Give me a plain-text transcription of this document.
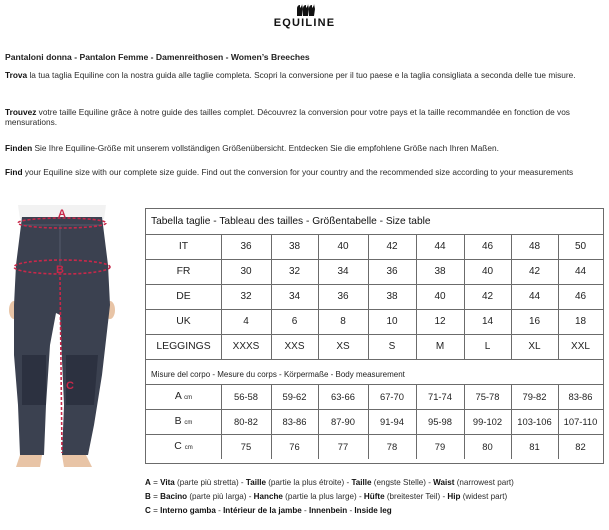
EQUILINE
Pantaloni donna - Pantalon Femme - Damenreithosen - Women’s Breeches

Trova la tua taglia Equiline con la nostra guida alle taglie completa. Scopri la conversione per il tuo paese e la taglia consigliata a seconda delle tue misure.

Trouvez votre taille Equiline grâce à notre guide des tailles complet. Découvrez la conversion pour votre pays et la taille recommandée en fonction de vos mensurations.

Finden Sie Ihre Equiline-Größe mit unserem vollständigen Größenübersicht. Entdecken Sie die empfohlene Größe nach Ihren Maßen.

Find your Equiline size with our complete size guide. Find out the conversion for your country and the recommended size according to your measurements

A
B
C
Tabella taglie - Tableau des tailles - Größentabelle - Size table
IT	36	38	40	42	44	46	48	50
FR	30	32	34	36	38	40	42	44
DE	32	34	36	38	40	42	44	46
UK	4	6	8	10	12	14	16	18
LEGGINGS	XXXS	XXS	XS	S	M	L	XL	XXL
A cm	56-58	59-62	63-66	67-70	71-74	75-78	79-82	83-86
B cm	80-82	83-86	87-90	91-94	95-98	99-102	103-106	107-110
C cm	75	76	77	78	79	80	81	82
Misure del corpo - Mesure du corps - Körpermaße - Body measurement
A = Vita (parte più stretta) - Taille (partie la plus étroite) - Taille (engste Stelle) - Waist (narrowest part)
B = Bacino (parte più larga) - Hanche (partie la plus large) - Hüfte (breitester Teil) - Hip (widest part)
C = Interno gamba - Intérieur de la jambe - Innenbein - Inside leg
